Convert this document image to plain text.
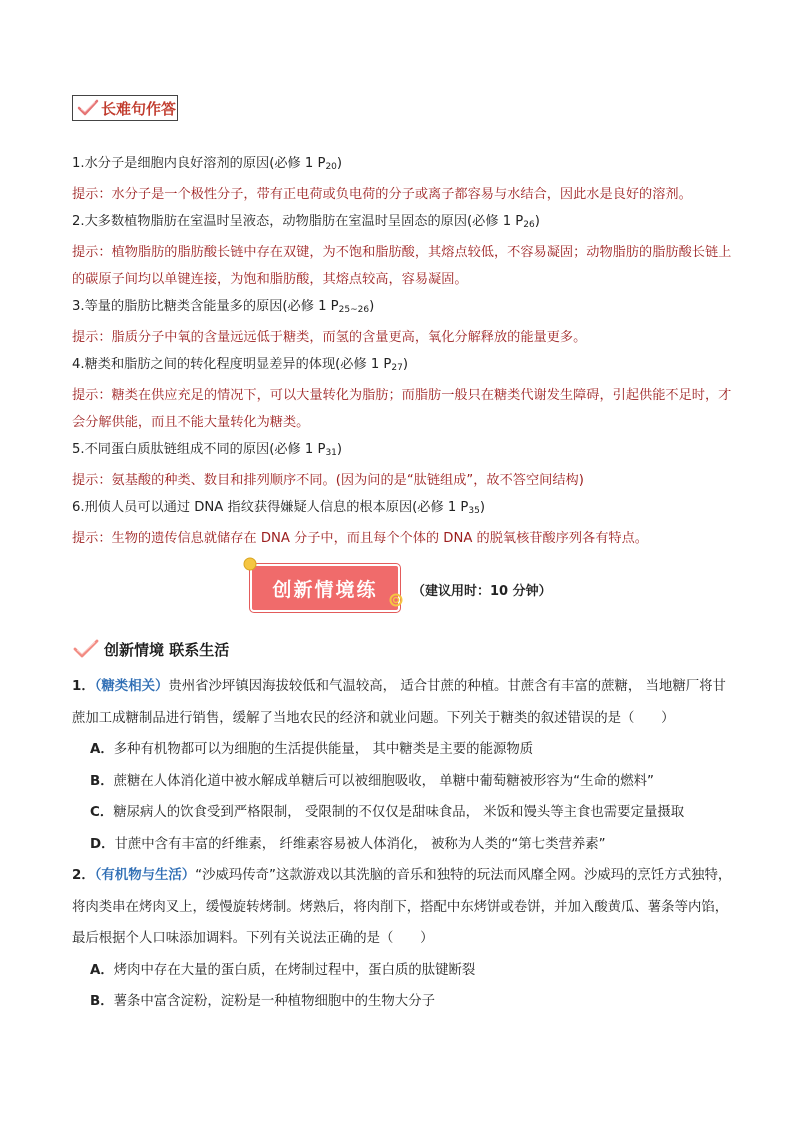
长难句作答
1.水分子是细胞内良好溶剂的原因(必修 1 $P_{20}$)
提示：水分子是一个极性分子，带有正电荷或负电荷的分子或离子都容易与水结合，因此水是良好的溶剂。
2.大多数植物脂肪在室温时呈液态，动物脂肪在室温时呈固态的原因(必修 1 $P_{26}$)
提示：植物脂肪的脂肪酸长链中存在双键，为不饱和脂肪酸，其熔点较低，不容易凝固；动物脂肪的脂肪酸长链上的碳原子间均以单键连接，为饱和脂肪酸，其熔点较高，容易凝固。
3.等量的脂肪比糖类含能量多的原因(必修 1 $P_{25\sim 26}$)
提示：脂质分子中氧的含量远远低于糖类，而氢的含量更高，氧化分解释放的能量更多。
4.糖类和脂肪之间的转化程度明显差异的体现(必修 1 $P_{27}$)
提示：糖类在供应充足的情况下，可以大量转化为脂肪；而脂肪一般只在糖类代谢发生障碍，引起供能不足时，才会分解供能，而且不能大量转化为糖类。
5.不同蛋白质肽链组成不同的原因(必修 1 $P_{31}$)
提示：氨基酸的种类、数目和排列顺序不同。(因为问的是“肽链组成”，故不答空间结构)
6.刑侦人员可以通过 DNA 指纹获得嫌疑人信息的根本原因(必修 1 $P_{35}$)
提示：生物的遗传信息就储存在 DNA 分子中，而且每个个体的 DNA 的脱氧核苷酸序列各有特点。
创新情境练	（建议用时：10 分钟）
创新情境 联系生活
1．（糖类相关）贵州省沙坪镇因海拔较低和气温较高， 适合甘蔗的种植。甘蔗含有丰富的蔗糖， 当地糖厂将甘蔗加工成糖制品进行销售，缓解了当地农民的经济和就业问题。下列关于糖类的叙述错误的是（　　）
A．多种有机物都可以为细胞的生活提供能量， 其中糖类是主要的能源物质
B．蔗糖在人体消化道中被水解成单糖后可以被细胞吸收， 单糖中葡萄糖被形容为“生命的燃料”
C．糖尿病人的饮食受到严格限制， 受限制的不仅仅是甜味食品， 米饭和馒头等主食也需要定量摄取
D．甘蔗中含有丰富的纤维素， 纤维素容易被人体消化， 被称为人类的“第七类营养素”
2．（有机物与生活）“沙威玛传奇”这款游戏以其洗脑的音乐和独特的玩法而风靡全网。沙威玛的烹饪方式独特，将肉类串在烤肉叉上，缓慢旋转烤制。烤熟后，将肉削下，搭配中东烤饼或卷饼，并加入酸黄瓜、薯条等内馅，最后根据个人口味添加调料。下列有关说法正确的是（　　）
A．烤肉中存在大量的蛋白质，在烤制过程中，蛋白质的肽键断裂
B．薯条中富含淀粉，淀粉是一种植物细胞中的生物大分子
